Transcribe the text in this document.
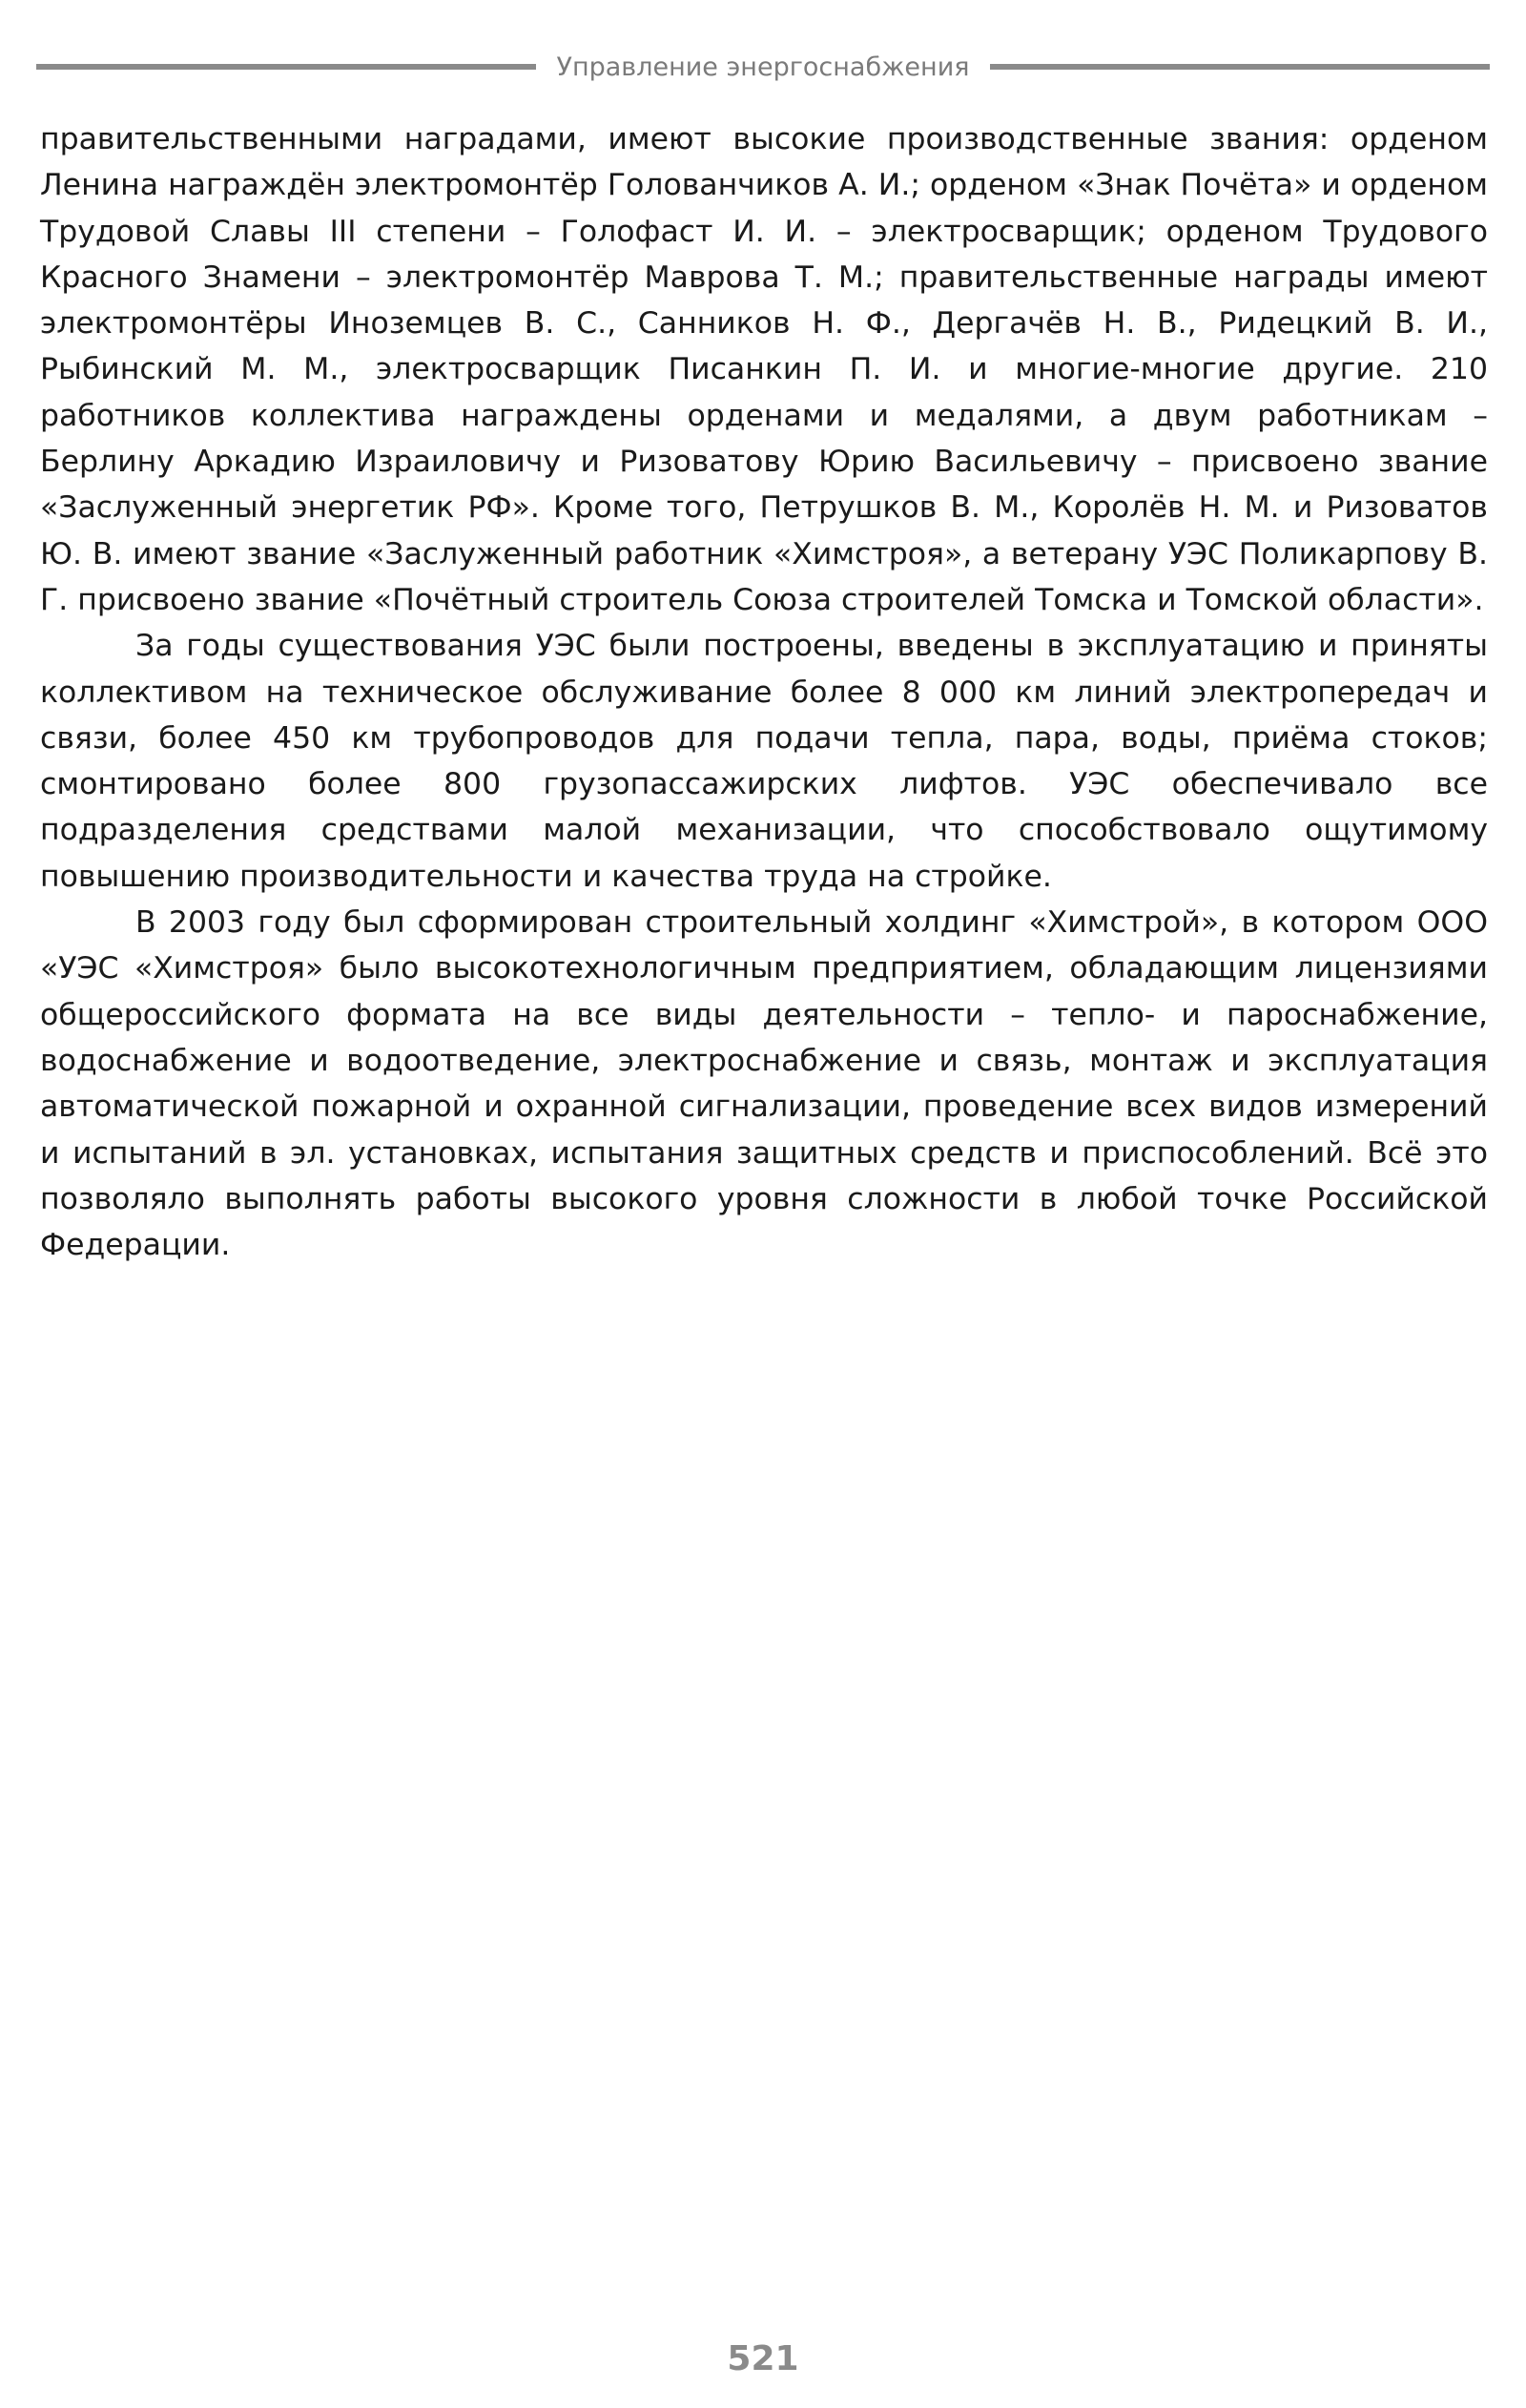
Управление энергоснабжения

правительственными наградами, имеют высокие производственные звания: орденом Ленина награждён электромонтёр Голованчиков А. И.; орденом «Знак Почёта» и орденом Трудовой Славы III степени – Голофаст И. И. – электросварщик; орденом Трудового Красного Знамени – электромонтёр Маврова Т. М.; правительственные награды имеют электромонтёры Иноземцев В. С., Санников Н. Ф., Дергачёв Н. В., Ридецкий В. И., Рыбинский М. М., электросварщик Писанкин П. И. и многие-многие другие. 210 работников коллектива награждены орденами и медалями, а двум работникам – Берлину Аркадию Израиловичу и Ризоватову Юрию Васильевичу – присвоено звание «Заслуженный энергетик РФ». Кроме того, Петрушков В. М., Королёв Н. М. и Ризоватов Ю. В. имеют звание «Заслуженный работник «Химстроя», а ветерану УЭС Поликарпову В. Г. присвоено звание «Почётный строитель Союза строителей Томска и Томской области».

За годы существования УЭС были построены, введены в эксплуатацию и приняты коллективом на техническое обслуживание более 8 000 км линий электропередач и связи, более 450 км трубопроводов для подачи тепла, пара, воды, приёма стоков; смонтировано более 800 грузопассажирских лифтов. УЭС обеспечивало все подразделения средствами малой механизации, что способствовало ощутимому повышению производительности и качества труда на стройке.

В 2003 году был сформирован строительный холдинг «Химстрой», в котором ООО «УЭС «Химстроя» было высокотехнологичным предприятием, обладающим лицензиями общероссийского формата на все виды деятельности – тепло- и пароснабжение, водоснабжение и водоотведение, электроснабжение и связь, монтаж и эксплуатация автоматической пожарной и охранной сигнализации, проведение всех видов измерений и испытаний в эл. установках, испытания защитных средств и приспособлений. Всё это позволяло выполнять работы высокого уровня сложности в любой точке Российской Федерации.

521
